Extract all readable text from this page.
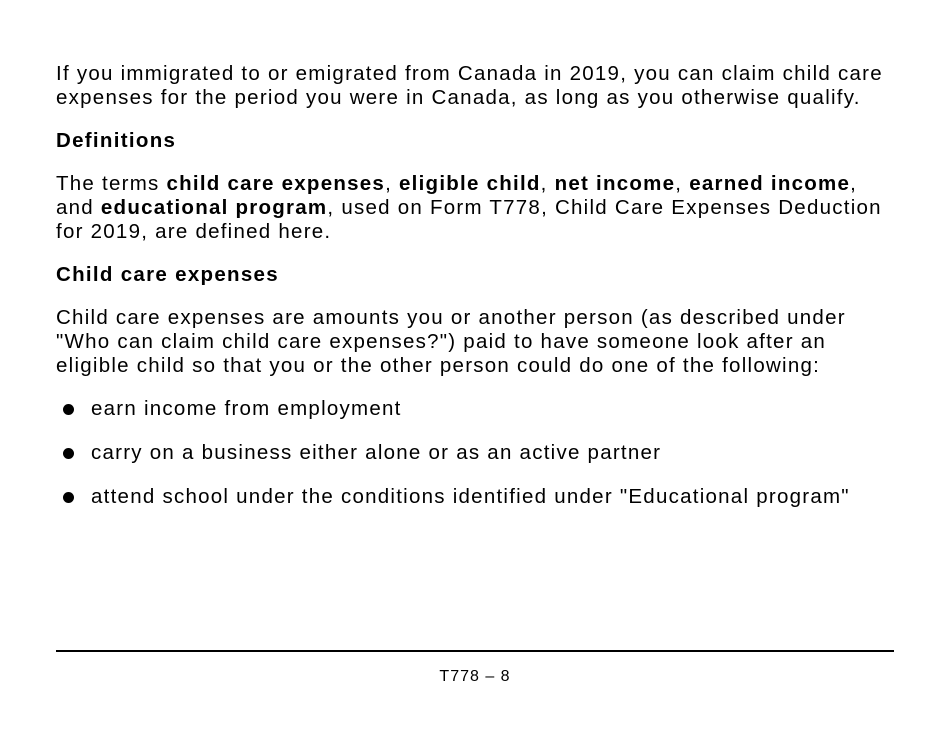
If you immigrated to or emigrated from Canada in 2019, you can claim child care expenses for the period you were in Canada, as long as you otherwise qualify.

Definitions

The terms child care expenses, eligible child, net income, earned income, and educational program, used on Form T778, Child Care Expenses Deduction for 2019, are defined here.

Child care expenses

Child care expenses are amounts you or another person (as described under "Who can claim child care expenses?") paid to have someone look after an eligible child so that you or the other person could do one of the following:

earn income from employment
carry on a business either alone or as an active partner
attend school under the conditions identified under "Educational program"
T778 – 8
